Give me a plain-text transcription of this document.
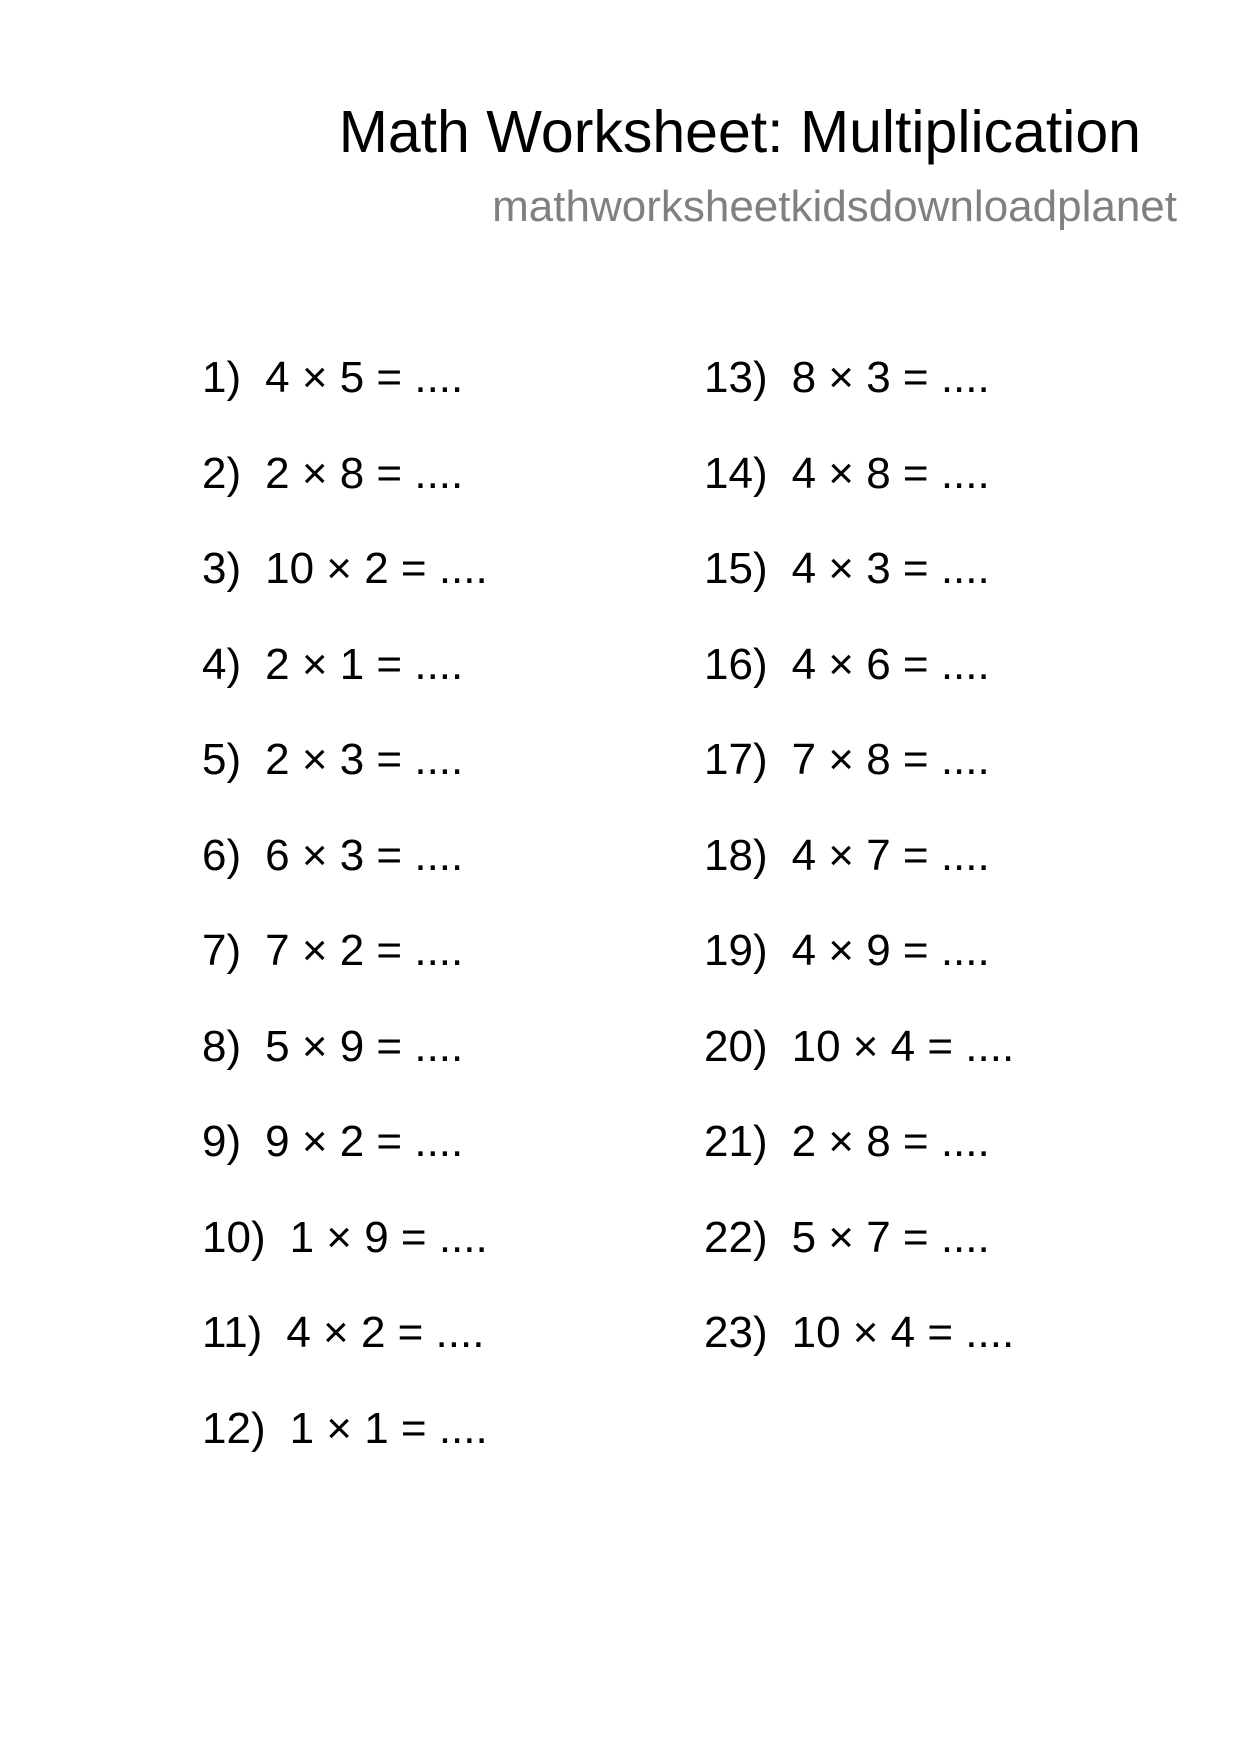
Math Worksheet: Multiplication
mathworksheetkidsdownloadplanet
1) 4 × 5 = ....
2) 2 × 8 = ....
3) 10 × 2 = ....
4) 2 × 1 = ....
5) 2 × 3 = ....
6) 6 × 3 = ....
7) 7 × 2 = ....
8) 5 × 9 = ....
9) 9 × 2 = ....
10) 1 × 9 = ....
11) 4 × 2 = ....
12) 1 × 1 = ....
13) 8 × 3 = ....
14) 4 × 8 = ....
15) 4 × 3 = ....
16) 4 × 6 = ....
17) 7 × 8 = ....
18) 4 × 7 = ....
19) 4 × 9 = ....
20) 10 × 4 = ....
21) 2 × 8 = ....
22) 5 × 7 = ....
23) 10 × 4 = ....
